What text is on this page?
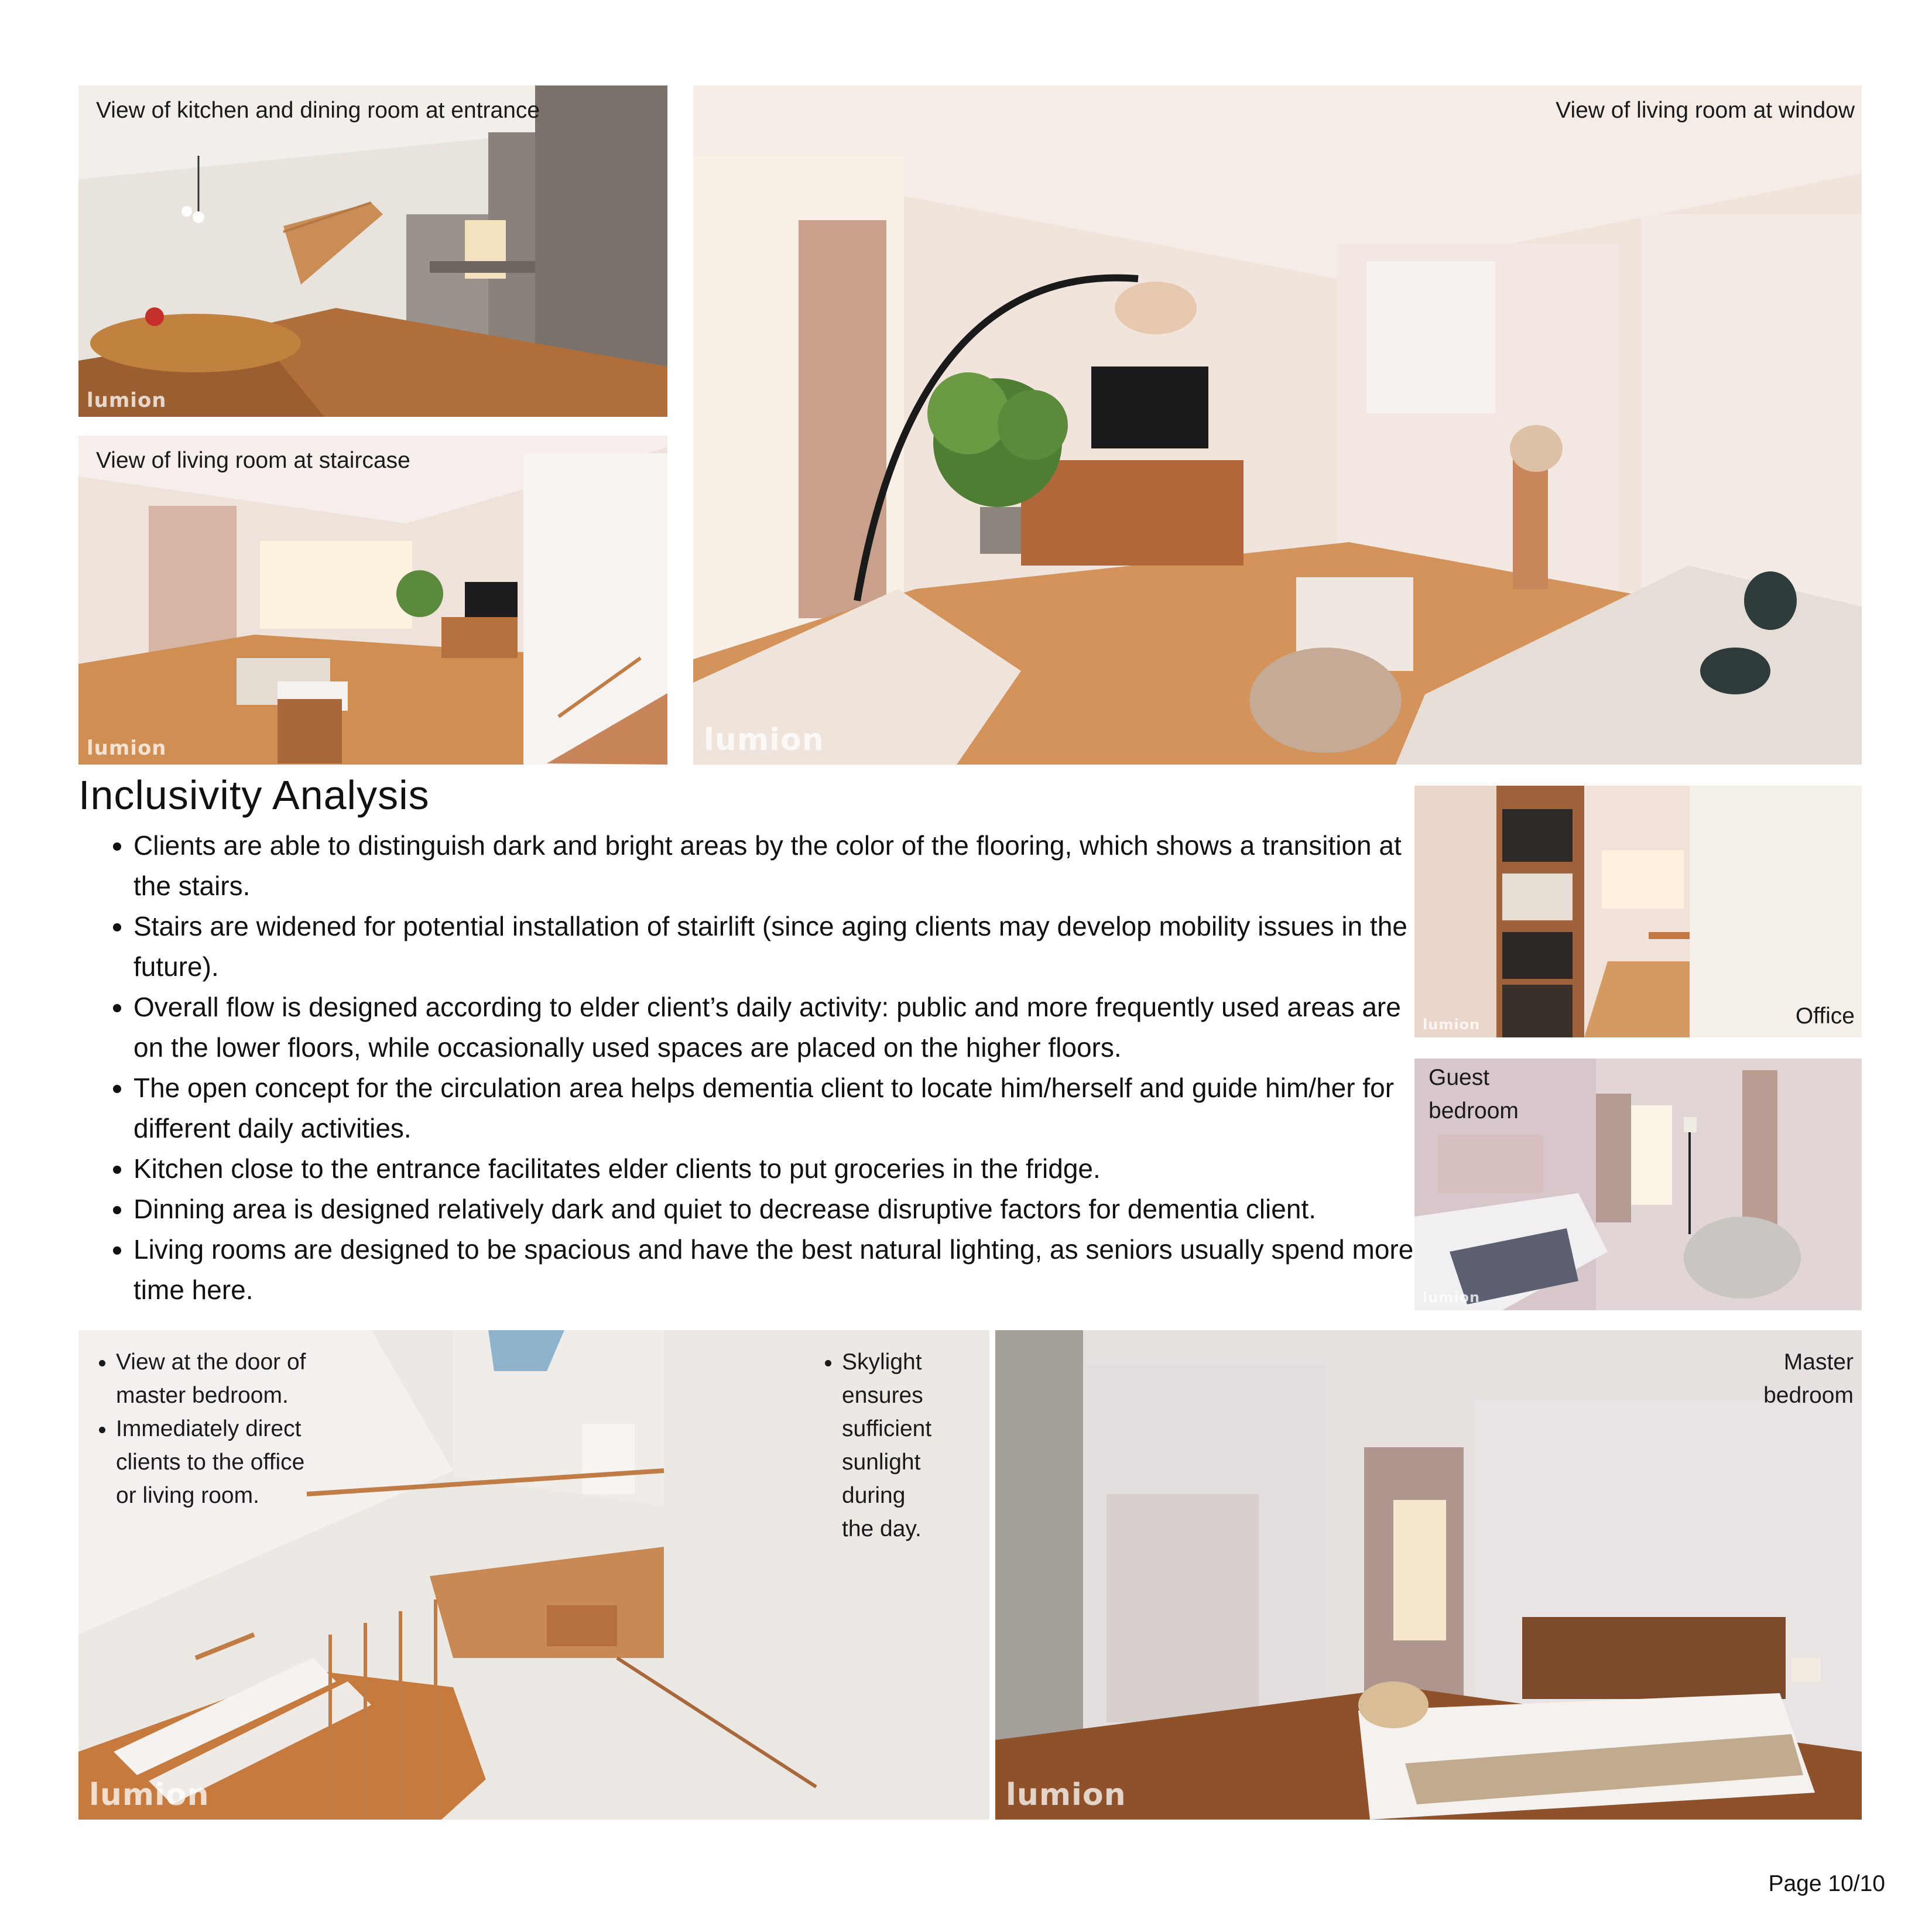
View of kitchen and dining room at entrance
lumion
View of living room at window
lumion
View of living room at staircase
lumion
Inclusivity Analysis
• Clients are able to distinguish dark and bright areas by the color of the flooring, which shows a transition at the stairs.
• Stairs are widened for potential installation of stairlift (since aging clients may develop mobility issues in the future).
• Overall flow is designed according to elder client’s daily activity: public and more frequently used areas are on the lower floors, while occasionally used spaces are placed on the higher floors.
• The open concept for the circulation area helps dementia client to locate him/herself and guide him/her for different daily activities.
• Kitchen close to the entrance facilitates elder clients to put groceries in the fridge.
• Dinning area is designed relatively dark and quiet to decrease disruptive factors for dementia client.
• Living rooms are designed to be spacious and have the best natural lighting, as seniors usually spend more time here.
Office
lumion
Guest
bedroom
lumion
• View at the door of master bedroom.
• Immediately direct clients to the office or living room.
• Skylight ensures sufficient sunlight during the day.
lumion
Master
bedroom
lumion
Page 10/10
